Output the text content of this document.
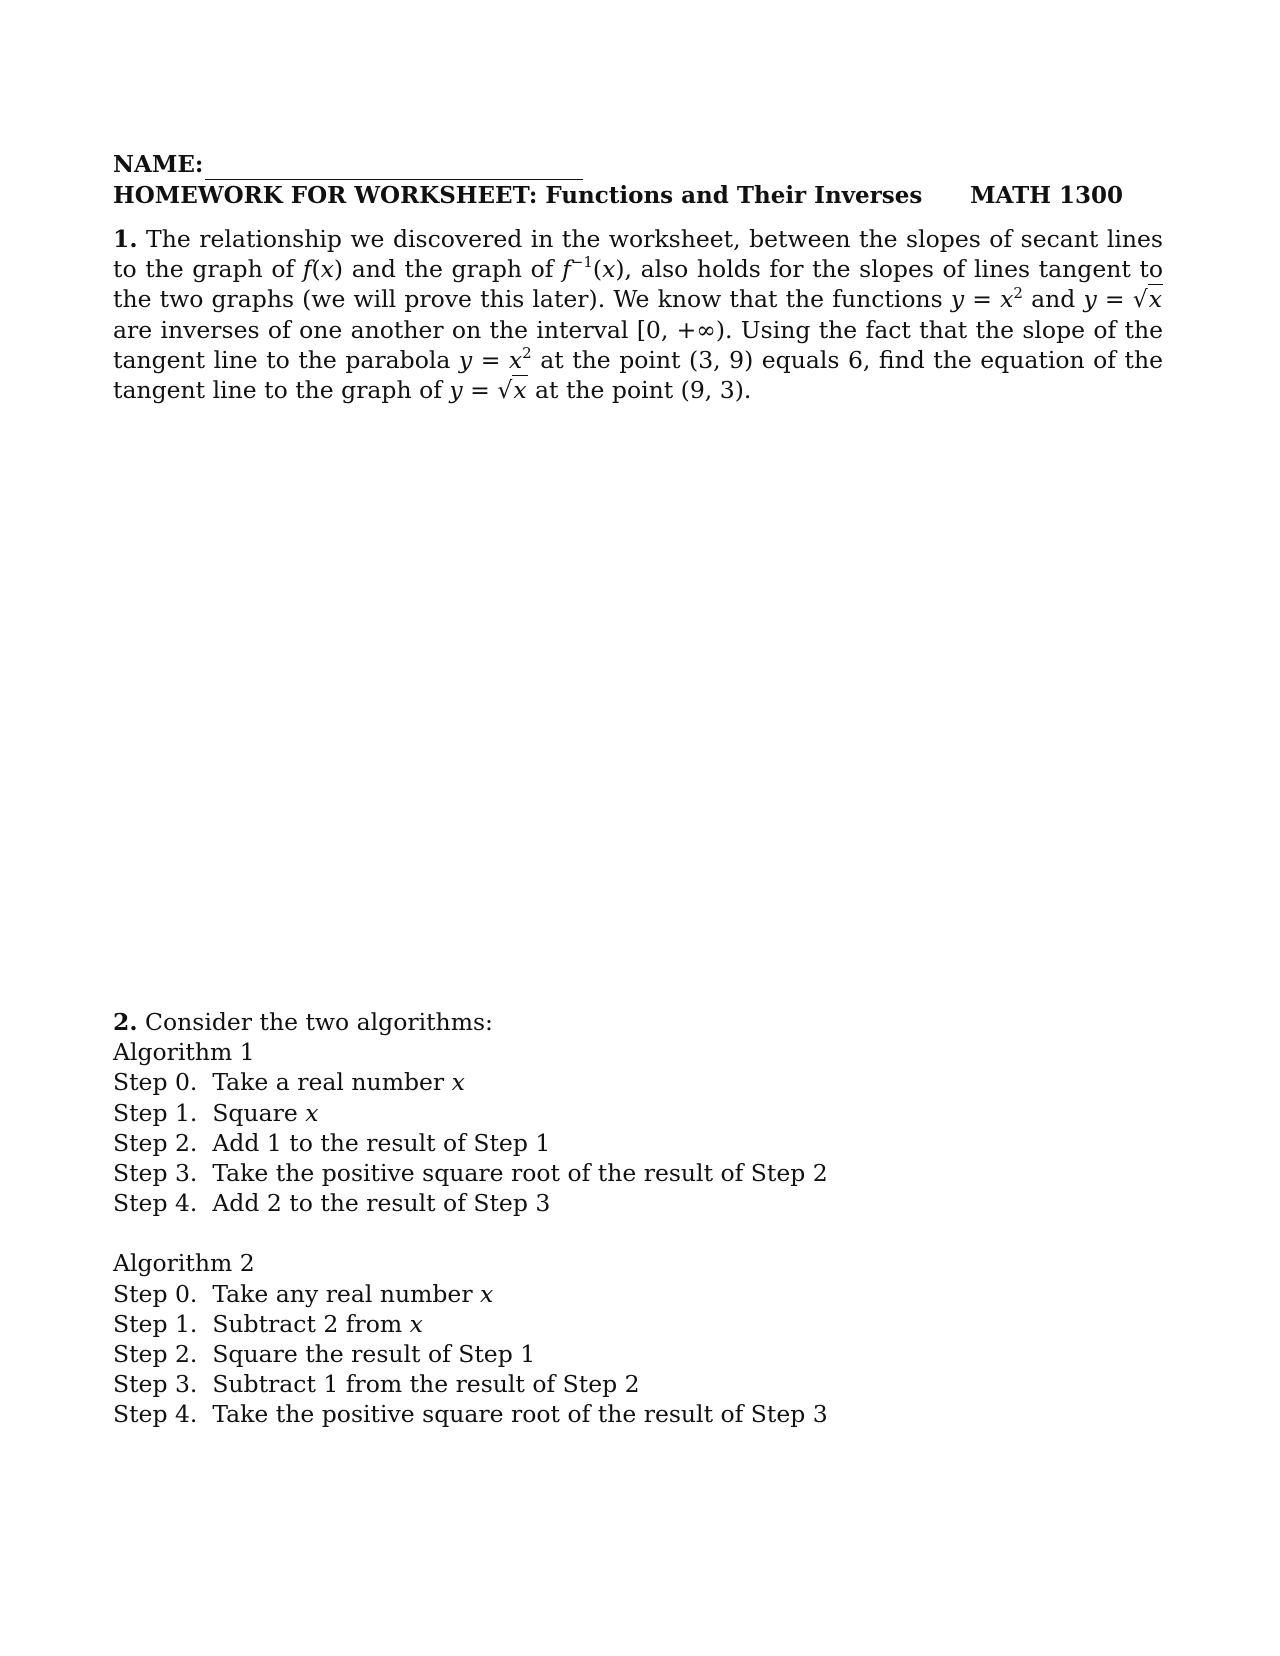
NAME:
HOMEWORK FOR WORKSHEET: Functions and Their Inverses MATH 1300
1. The relationship we discovered in the worksheet, between the slopes of secant lines to the graph of f(x) and the graph of $f^{-1}(x)$, also holds for the slopes of lines tangent to the two graphs (we will prove this later). We know that the functions $y = x^2$ and y = √x are inverses of one another on the interval [0, +∞). Using the fact that the slope of the tangent line to the parabola $y = x^2$ at the point (3, 9) equals 6, find the equation of the tangent line to the graph of y = √x at the point (9, 3).
2. Consider the two algorithms:
Algorithm 1
Step 0.  Take a real number x
Step 1.  Square x
Step 2.  Add 1 to the result of Step 1
Step 3.  Take the positive square root of the result of Step 2
Step 4.  Add 2 to the result of Step 3
Algorithm 2
Step 0.  Take any real number x
Step 1.  Subtract 2 from x
Step 2.  Square the result of Step 1
Step 3.  Subtract 1 from the result of Step 2
Step 4.  Take the positive square root of the result of Step 3
